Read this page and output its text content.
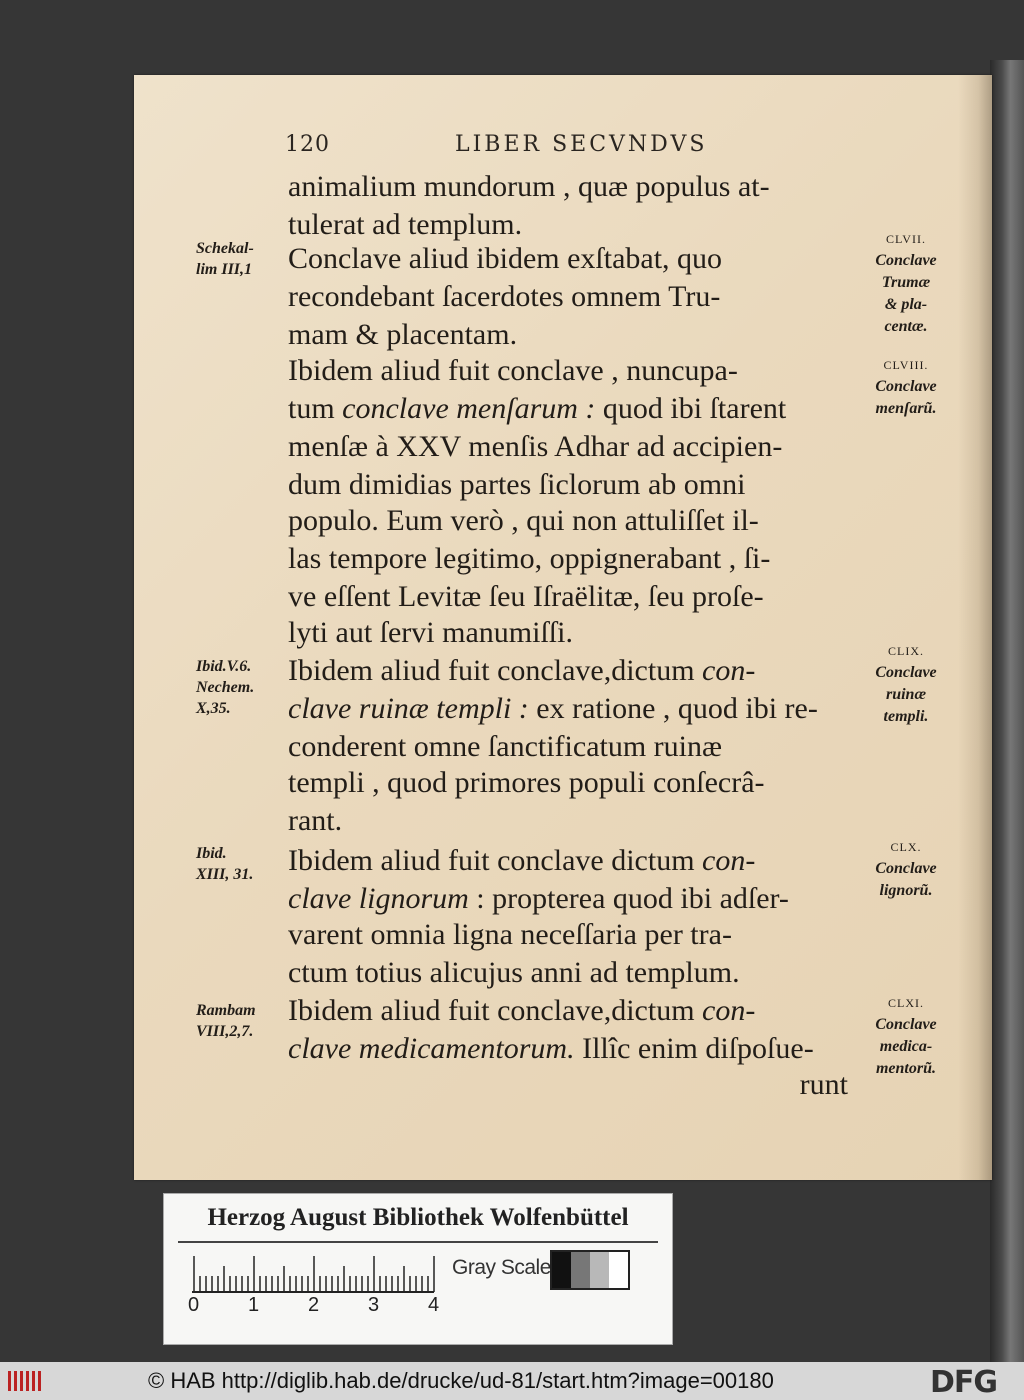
120	LIBER SECVNDVS
animalium mundorum , quæ populus at-
tulerat ad templum.
Conclave aliud ibidem exſtabat, quo
recondebant ſacerdotes omnem Tru-
mam & placentam.
Ibidem aliud fuit conclave , nuncupa-
tum conclave menſarum : quod ibi ſtarent
menſæ à XXV menſis Adhar ad accipien-
dum dimidias partes ſiclorum ab omni
populo. Eum verò , qui non attuliſſet il-
las tempore legitimo, oppignerabant , ſi-
ve eſſent Levitæ ſeu Iſraëlitæ, ſeu proſe-
lyti aut ſervi manumiſſi.
Ibidem aliud fuit conclave,dictum con-
clave ruinæ templi : ex ratione , quod ibi re-
conderent omne ſanctificatum ruinæ
templi , quod primores populi conſecrâ-
rant.
Ibidem aliud fuit conclave dictum con-
clave lignorum : propterea quod ibi adſer-
varent omnia ligna neceſſaria per tra-
ctum totius alicujus anni ad templum.
Ibidem aliud fuit conclave,dictum con-
clave medicamentorum. Illîc enim diſpoſue-
runt
Schekal-
lim III,1
Ibid.V.6.
Nechem.
X,35.
Ibid.
XIII, 31.
Rambam
VIII,2,7.
CLVII.
Conclave
Trumæ
& pla-
centæ.
CLVIII.
Conclave
menſarũ.
CLIX.
Conclave
ruinæ
templi.
CLX.
Conclave
lignorũ.
CLXI.
Conclave
medica-
mentorũ.
Herzog August Bibliothek Wolfenbüttel
0 1 2 3 4
Gray Scale
© HAB http://diglib.hab.de/drucke/ud-81/start.htm?image=00180	DFG
